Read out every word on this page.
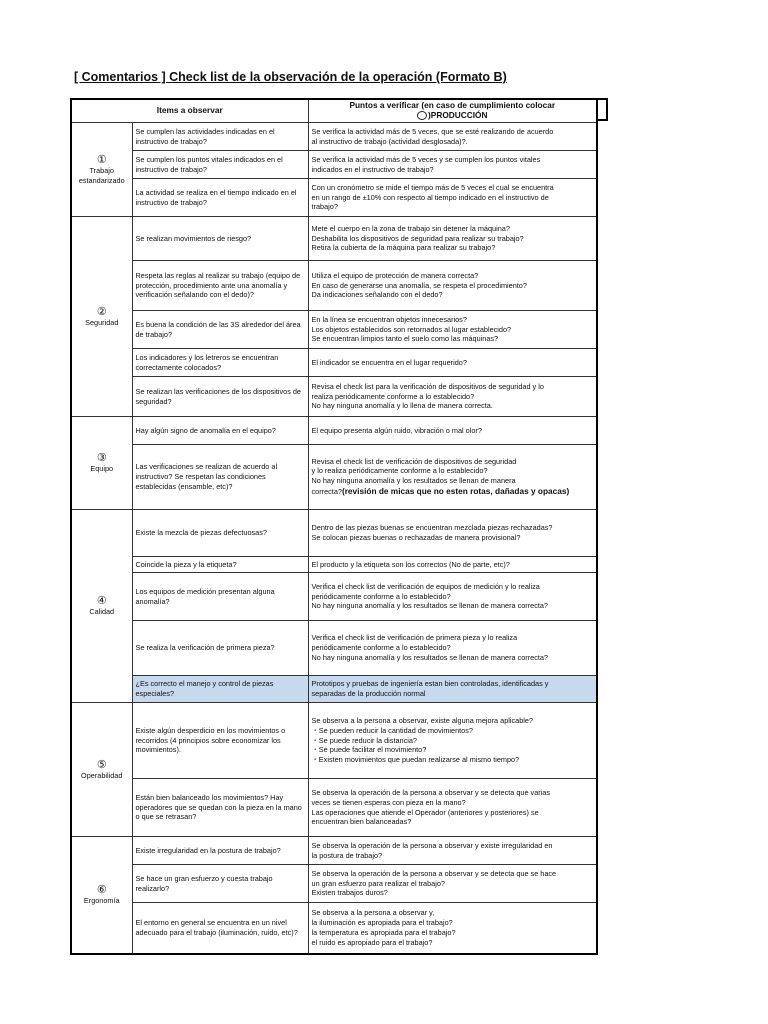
[ Comentarios ] Check list de la observación de la operación (Formato B)
Items a observar		Puntos a verificar (en caso de cumplimiento colocar
)PRODUCCIÓN

①
Trabajo
estandarizado	Se cumplen las actividades indicadas en el instructivo de trabajo?	Se verifica la actividad más de 5 veces, que se esté realizando de acuerdo
al instructivo de trabajo (actividad desglosada)?.

	Se cumplen los puntos vitales indicados en el instructivo de trabajo?	Se verifica la actividad más de 5 veces y se cumplen los puntos vitales
indicados en el instructivo de trabajo?

	La actividad se realiza en el tiempo indicado en el instructivo de trabajo?	Con un cronómetro se mide el tiempo más de 5 veces el cual se encuentra
en un rango de ±10% con respecto al tiempo indicado en el instructivo de
trabajo?

②
Seguridad	Se realizan movimientos de riesgo?	Mete el cuerpo en la zona de trabajo sin detener la máquina?
Deshabilita los dispositivos de seguridad para realizar su trabajo?
Retira la cubierta de la máquina para realizar su trabajo?

	Respeta las reglas al realizar su trabajo (equipo de protección, procedimiento ante una anomalía y verificación señalando con el dedo)?	Utiliza el equipo de protección de manera correcta?
En caso de generarse una anomalía, se respeta el procedimiento?
Da indicaciones señalando con el dedo?

	Es buena la condición de las 3S alrededor del área de trabajo?	En la línea se encuentran objetos innecesarios?
Los objetos establecidos son retornados al lugar establecido?
Se encuentran limpios tanto el suelo como las máquinas?

	Los indicadores y los letreros se encuentran correctamente colocados?	El indicador se encuentra en el lugar requerido?

	Se realizan las verificaciones de los dispositivos de seguridad?	Revisa el check list para la verificación de dispositivos de seguridad y lo
realiza periódicamente conforme a lo establecido?
No hay ninguna anomalía y lo llena de manera correcta.

③
Equipo	Hay algún signo de anomalía en el equipo?	El equipo presenta algún ruido, vibración o mal olor?

	Las verificaciones se realizan de acuerdo al instructivo? Se respetan las condiciones establecidas (ensamble, etc)?	Revisa el check list de verificación de dispositivos de seguridad
y lo realiza periódicamente conforme a lo establecido?
No hay ninguna anomalía y los resultados se llenan de manera
correcta?(revisión de micas que no esten rotas, dañadas y opacas)

④
Calidad	Existe la mezcla de piezas defectuosas?	Dentro de las piezas buenas se encuentran mezclada piezas rechazadas?
Se colocan piezas buenas o rechazadas de manera provisional?

	Coincide la pieza y la etiqueta?	El producto y la etiqueta son los correctos (No de parte, etc)?

	Los equipos de medición presentan alguna anomalía?	Verifica el check list de verificación de equipos de medición y lo realiza
periódicamente conforme a lo establecido?
No hay ninguna anomalía y los resultados se llenan de manera correcta?

	Se realiza la verificación de primera pieza?	Verifica el check list de verificación de primera pieza y lo realiza
periódicamente conforme a lo establecido?
No hay ninguna anomalía y los resultados se llenan de manera correcta?

	¿Es correcto el manejo y control de piezas especiales?	Prototipos y pruebas de ingeniería estan bien controladas, identificadas y
separadas de la producción normal

⑤
Operabilidad	Existe algún desperdicio en los movimientos o recorridos (4 principios sobre economizar los movimientos).	Se observa a la persona a observar, existe alguna mejora aplicable?
・Se pueden reducir la cantidad de movimientos?
・Se puede reducir la distancia?
・Se puede facilitar el movimiento?
・Existen movimientos que puedan realizarse al mismo tiempo?

	Están bien balanceado los movimientos? Hay operadores que se quedan con la pieza en la mano o que se retrasan?	Se observa la operación de la persona a observar y se detecta que varias
veces se tienen esperas con pieza en la mano?
Las operaciones que atiende el Operador (anteriores y posteriores) se
encuentran bien balanceadas?

⑥
Ergonomía	Existe irregularidad en la postura de trabajo?	Se observa la operación de la persona a observar y existe irregularidad en
la postura de trabajo?

	Se hace un gran esfuerzo y cuesta trabajo realizarlo?	Se observa la operación de la persona a observar y se detecta que se hace
un gran esfuerzo para realizar el trabajo?
Existen trabajos duros?

	El entorno en general se encuentra en un nivel adecuado para el trabajo (iluminación, ruido, etc)?	Se observa a la persona a observar y,
la iluminación es apropiada para el trabajo?
la temperatura es apropiada para el trabajo?
el ruido es apropiado para el trabajo?
